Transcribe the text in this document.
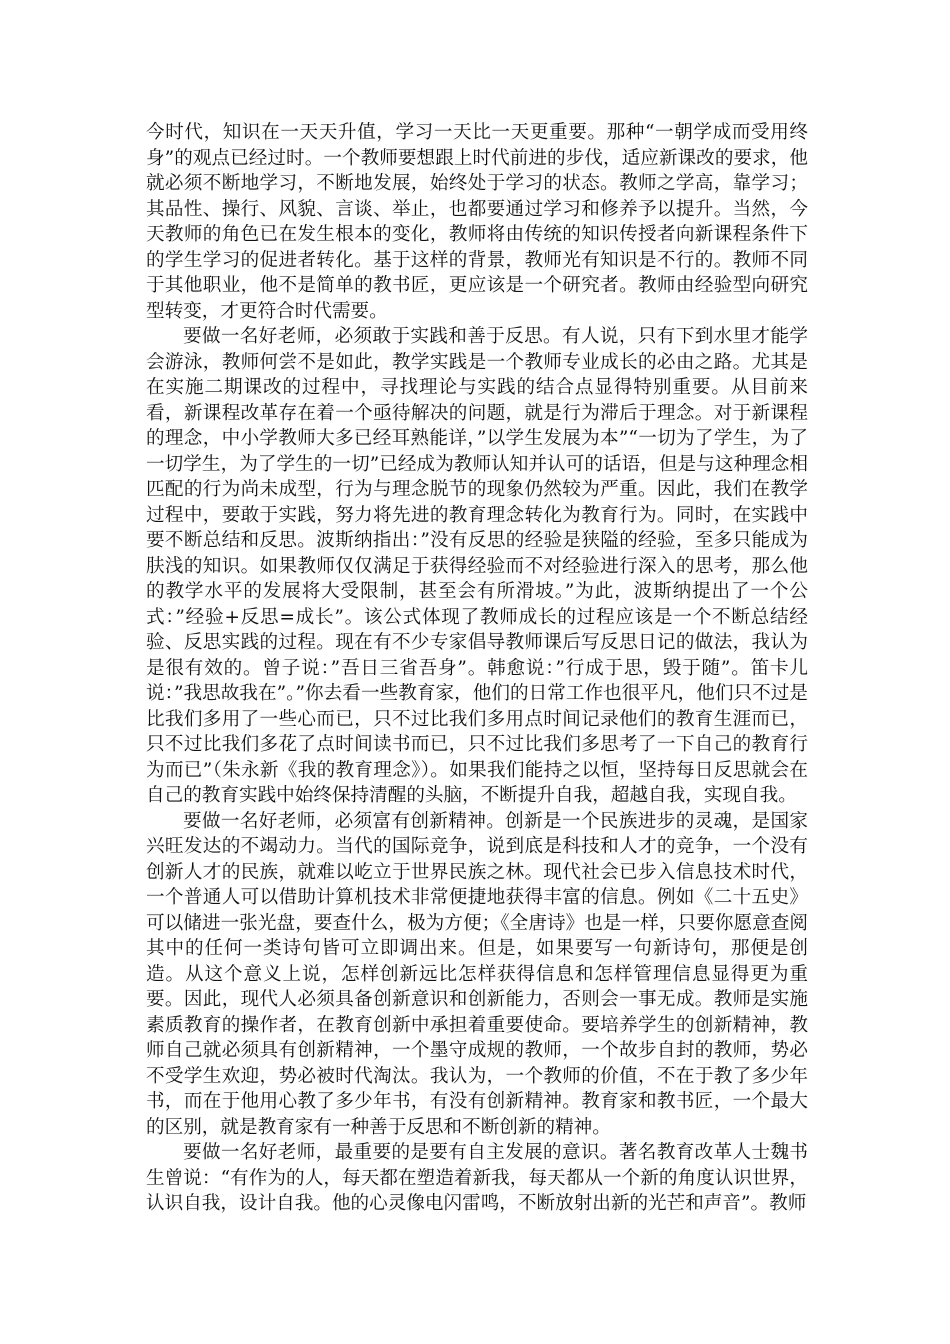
今时代，知识在一天天升值，学习一天比一天更重要。那种“一朝学成而受用终身”的观点已经过时。一个教师要想跟上时代前进的步伐，适应新课改的要求，他就必须不断地学习，不断地发展，始终处于学习的状态。教师之学高，靠学习；其品性、操行、风貌、言谈、举止，也都要通过学习和修养予以提升。当然，今天教师的角色已在发生根本的变化，教师将由传统的知识传授者向新课程条件下的学生学习的促进者转化。基于这样的背景，教师光有知识是不行的。教师不同于其他职业，他不是简单的教书匠，更应该是一个研究者。教师由经验型向研究型转变，才更符合时代需要。

要做一名好老师，必须敢于实践和善于反思。有人说，只有下到水里才能学会游泳，教师何尝不是如此，教学实践是一个教师专业成长的必由之路。尤其是在实施二期课改的过程中，寻找理论与实践的结合点显得特别重要。从目前来看，新课程改革存在着一个亟待解决的问题，就是行为滞后于理念。对于新课程的理念，中小学教师大多已经耳熟能详，”以学生发展为本”“一切为了学生，为了一切学生，为了学生的一切”已经成为教师认知并认可的话语，但是与这种理念相匹配的行为尚未成型，行为与理念脱节的现象仍然较为严重。因此，我们在教学过程中，要敢于实践，努力将先进的教育理念转化为教育行为。同时，在实践中要不断总结和反思。波斯纳指出：”没有反思的经验是狭隘的经验，至多只能成为肤浅的知识。如果教师仅仅满足于获得经验而不对经验进行深入的思考，那么他的教学水平的发展将大受限制，甚至会有所滑坡。”为此，波斯纳提出了一个公式：”经验+反思=成长”。该公式体现了教师成长的过程应该是一个不断总结经验、反思实践的过程。现在有不少专家倡导教师课后写反思日记的做法，我认为是很有效的。曾子说：”吾日三省吾身”。韩愈说：”行成于思，毁于随”。笛卡儿说：”我思故我在”。”你去看一些教育家，他们的日常工作也很平凡，他们只不过是比我们多用了一些心而已，只不过比我们多用点时间记录他们的教育生涯而已，只不过比我们多花了点时间读书而已，只不过比我们多思考了一下自己的教育行为而已”（朱永新《我的教育理念》）。如果我们能持之以恒，坚持每日反思就会在自己的教育实践中始终保持清醒的头脑，不断提升自我，超越自我，实现自我。

要做一名好老师，必须富有创新精神。创新是一个民族进步的灵魂，是国家兴旺发达的不竭动力。当代的国际竞争，说到底是科技和人才的竞争，一个没有创新人才的民族，就难以屹立于世界民族之林。现代社会已步入信息技术时代，一个普通人可以借助计算机技术非常便捷地获得丰富的信息。例如《二十五史》可以储进一张光盘，要查什么，极为方便；《全唐诗》也是一样，只要你愿意查阅其中的任何一类诗句皆可立即调出来。但是，如果要写一句新诗句，那便是创造。从这个意义上说，怎样创新远比怎样获得信息和怎样管理信息显得更为重要。因此，现代人必须具备创新意识和创新能力，否则会一事无成。教师是实施素质教育的操作者，在教育创新中承担着重要使命。要培养学生的创新精神，教师自己就必须具有创新精神，一个墨守成规的教师，一个故步自封的教师，势必不受学生欢迎，势必被时代淘汰。我认为，一个教师的价值，不在于教了多少年书，而在于他用心教了多少年书，有没有创新精神。教育家和教书匠，一个最大的区别，就是教育家有一种善于反思和不断创新的精神。

要做一名好老师，最重要的是要有自主发展的意识。著名教育改革人士魏书生曾说：“有作为的人，每天都在塑造着新我，每天都从一个新的角度认识世界，认识自我，设计自我。他的心灵像电闪雷鸣，不断放射出新的光芒和声音”。教师
